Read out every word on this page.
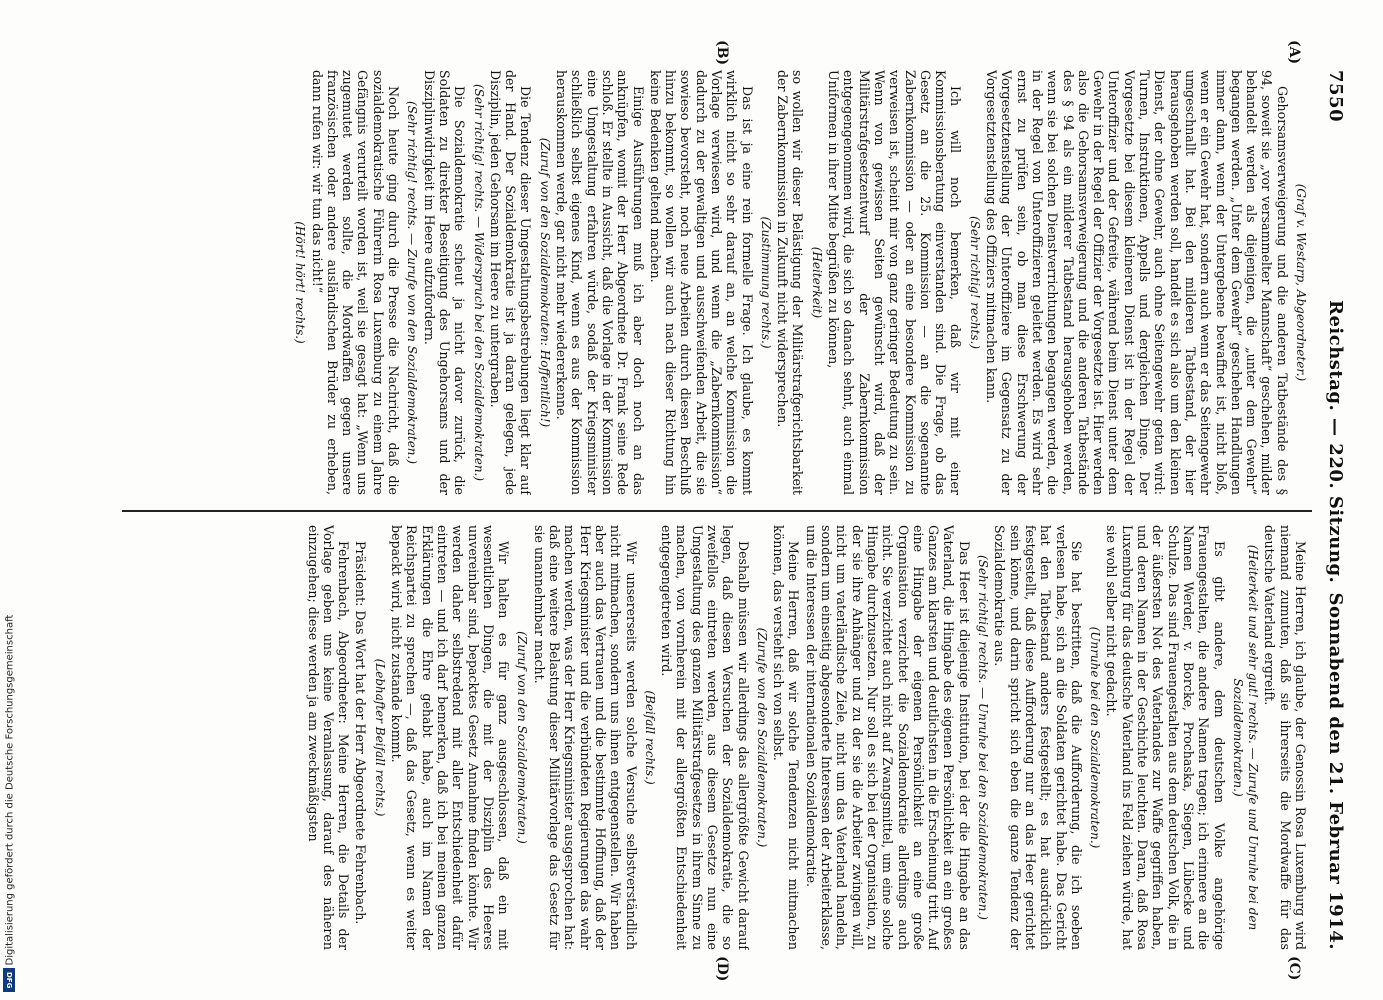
Digitalisierung gefördert durch die Deutsche Forschungsgemeinschaft
DFG
7550
Reichstag. — 220. Sitzung.
Sonnabend den 21. Februar 1914.
(A)
(B)
(C)
(D)

(Graf v. Westarp, Abgeordneter.)

Gehorsamsverweigerung und die anderen Tatbestände des § 94, soweit sie „vor versammelter Mannschaft“ geschehen, milder behandelt werden als diejenigen, die „unter dem Gewehr“ begangen werden. „Unter dem Gewehr“ geschehen Handlungen immer dann, wenn der Untergebene bewaffnet ist, nicht bloß, wenn er ein Gewehr hat, sondern auch wenn er das Seitengewehr umgeschnallt hat. Bei den milderen Tatbestand, der hier herausgehoben werden soll, handelt es sich also um den kleinen Dienst, der ohne Gewehr, auch ohne Seitengewehr getan wird: Turnen, Instruktionen, Appells und dergleichen Dinge. Der Vorgesetzte bei diesem kleineren Dienst ist in der Regel der Unteroffizier und der Gefreite, während beim Dienst unter dem Gewehr in der Regel der Offizier der Vorgesetzte ist. Hier werden also die Gehorsamsverweigerung und die anderen Tatbestände des § 94 als ein milderer Tatbestand herausgehoben werden, wenn sie bei solchen Dienstverrichtungen begangen werden, die in der Regel von Unteroffizieren geleitet werden. Es wird sehr ernst zu prüfen sein, ob man diese Erschwerung der Vorgesetztenstellung der Unteroffiziere im Gegensatz zu der Vorgesetztenstellung des Offiziers mitmachen kann.

(Sehr richtig! rechts.)

Ich will noch bemerken, daß wir mit einer Kommissionsberatung einverstanden sind. Die Frage, ob das Gesetz an die 25. Kommission — an die sogenannte Zabernkommission — oder an eine besondere Kommission zu verweisen ist, scheint mir von ganz geringer Bedeutung zu sein. Wenn von gewissen Seiten gewünscht wird, daß der Militärstrafgesetzentwurf der Zabernkommission entgegengenommen wird, die sich so danach sehnt, auch einmal Uniformen in ihrer Mitte begrüßen zu können,

(Heiterkeit)

so wollen wir dieser Belästigung der Militärstrafgerichtsbarkeit der Zabernkommission in Zukunft nicht widersprechen.

(Zustimmung rechts.)

Das ist ja eine rein formelle Frage. Ich glaube, es kommt wirklich nicht so sehr darauf an, an welche Kommission die Vorlage verwiesen wird, und wenn die „Zabernkommission“ dadurch zu der gewaltigen und ausschweifenden Arbeit, die sie sowieso bevorsteht, noch neue Arbeiten durch diesen Beschluß hinzu bekommt, so wollen wir auch nach dieser Richtung hin keine Bedenken geltend machen.

Einige Ausführungen muß ich aber doch noch an das anknüpfen, womit der Herr Abgeordnete Dr. Frank seine Rede schloß. Er stellte in Aussicht, daß die Vorlage in der Kommission eine Umgestaltung erfahren würde, sodaß der Kriegsminister schließlich selbst eigenes Kind, wenn es aus der Kommission herauskommen werde, gar nicht mehr wiedererkenne.

(Zuruf von den Sozialdemokraten: Hoffentlich!)

Die Tendenz dieser Umgestaltungsbestrebungen liegt klar auf der Hand. Der Sozialdemokratie ist ja daran gelegen, jede Disziplin, jeden Gehorsam im Heere zu untergraben.

(Sehr richtig! rechts. — Widerspruch bei den Sozialdemokraten.)

Die Sozialdemokratie scheut ja nicht davor zurück, die Soldaten zu direkter Beseitigung des Ungehorsams und der Disziplinwidrigkeit im Heere aufzufordern.

(Sehr richtig! rechts. — Zurufe von den Sozialdemokraten.)

Noch heute ging durch die Presse die Nachricht, daß die sozialdemokratische Führerin Rosa Luxemburg zu einem Jahre Gefängnis verurteilt worden ist, weil sie gesagt hat: „Wenn uns zugemutet werden sollte, die Mordwaffen gegen unsere französischen oder andere ausländischen Brüder zu erheben, dann rufen wir: wir tun das nicht!“

(Hört! hört! rechts.)

Meine Herren, ich glaube, der Genossin Rosa Luxemburg wird niemand zumuten, daß sie ihrerseits die Mordwaffe für das deutsche Vaterland ergreift.

(Heiterkeit und sehr gut! rechts. — Zurufe und Unruhe bei den Sozialdemokraten.)

Es gibt andere, dem deutschen Volke angehörige Frauengestalten, die andere Namen tragen; ich erinnere an die Namen Werder, v. Borcke, Prochaska, Siegen, Lübecke und Schulze. Das sind Frauengestalten aus dem deutschen Volk, die in der äußersten Not des Vaterlandes zur Waffe gegriffen haben, und deren Namen in der Geschichte leuchten. Daran, daß Rosa Luxemburg für das deutsche Vaterland ins Feld ziehen würde, hat sie wohl selber nicht gedacht.

(Unruhe bei den Sozialdemokraten.)

Sie hat bestritten, daß die Aufforderung, die ich soeben verlesen habe, sich an die Soldaten gerichtet habe. Das Gericht hat den Tatbestand anders festgestellt; es hat ausdrücklich festgestellt, daß diese Aufforderung nur an das Heer gerichtet sein könne, und darin spricht sich eben die ganze Tendenz der Sozialdemokratie aus.

(Sehr richtig! rechts. — Unruhe bei den Sozialdemokraten.)

Das Heer ist diejenige Institution, bei der die Hingabe an das Vaterland, die Hingabe des eigenen Persönlichkeit an ein großes Ganzes am klarsten und deutlichsten in die Erscheinung tritt. Auf eine Hingabe der eigenen Persönlichkeit an eine große Organisation verzichtet die Sozialdemokratie allerdings auch nicht. Sie verzichtet auch nicht auf Zwangsmittel, um eine solche Hingabe durchzusetzen. Nur soll es sich bei der Organisation, zu der sie ihre Anhänger und zu der sie die Arbeiter zwingen will, nicht um vaterländische Ziele, nicht um das Vaterland handeln, sondern um einseitig abgesonderte Interessen der Arbeiterklasse, um die Interessen der internationalen Sozialdemokratie.

Meine Herren, daß wir solche Tendenzen nicht mitmachen können, das versteht sich von selbst.

(Zurufe von den Sozialdemokraten.)

Deshalb müssen wir allerdings das allergrößte Gewicht darauf legen, daß diesen Versuchen der Sozialdemokratie, die so zweifellos eintreten werden, aus diesem Gesetze nun eine Umgestaltung des ganzen Militärstrafgesetzes in ihrem Sinne zu machen, von vornherein mit der allergrößten Entschiedenheit entgegengetreten wird.

(Beifall rechts.)

Wir unsererseits werden solche Versuche selbstverständlich nicht mitmachen, sondern uns ihnen entgegenstellen. Wir haben aber auch das Vertrauen und die bestimmte Hoffnung, daß der Herr Kriegsminister und die verbündeten Regierungen das wahr machen werden, was der Herr Kriegsminister ausgesprochen hat: daß eine weitere Belastung dieser Militärvorlage das Gesetz für sie unannehmbar macht.

(Zuruf von den Sozialdemokraten.)

Wir halten es für ganz ausgeschlossen, daß ein mit wesentlichen Dingen, die mit der Disziplin des Heeres unvereinbar sind, bepacktes Gesetz Annahme finden könnte. Wir werden daher selbstredend mit aller Entschiedenheit dafür eintreten — und ich darf bemerken, daß ich bei meinen ganzen Erklärungen die Ehre gehabt habe, auch im Namen der Reichspartei zu sprechen —, daß das Gesetz, wenn es weiter bepackt wird, nicht zustande kommt.

(Lebhafter Beifall rechts.)

Präsident: Das Wort hat der Herr Abgeordnete Fehrenbach.

Fehrenbach, Abgeordneter: Meine Herren, die Details der Vorlage geben uns keine Veranlassung, darauf des näheren einzugehen; diese werden ja am zweckmäßigsten
